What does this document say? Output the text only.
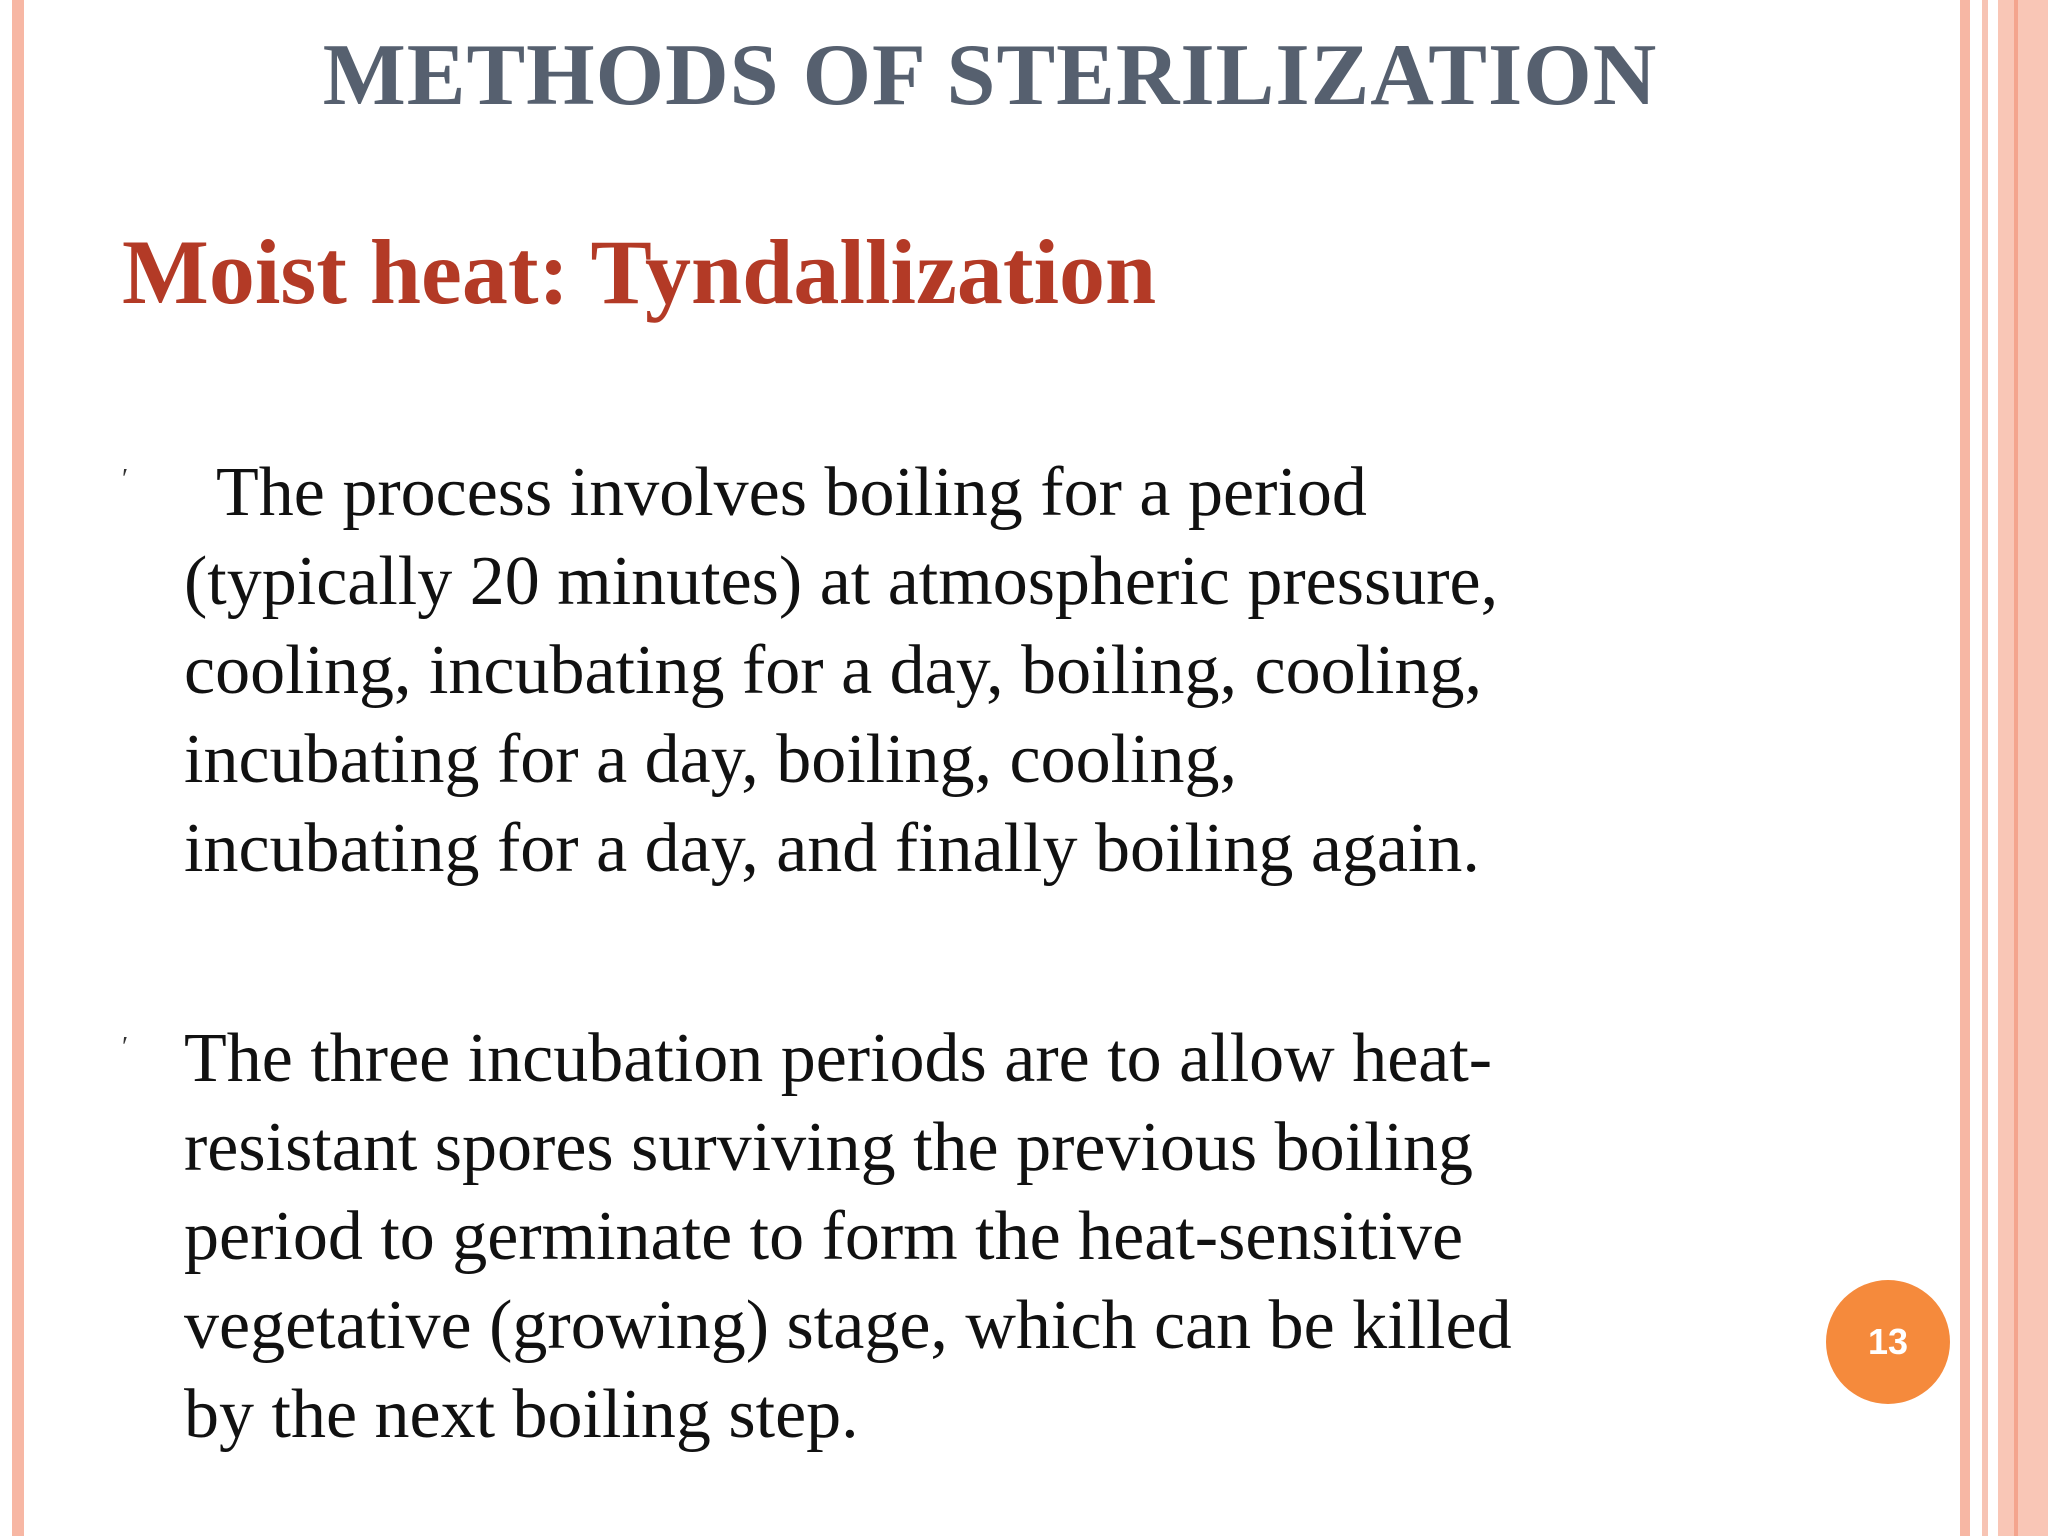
METHODS OF STERILIZATION
Moist heat: Tyndallization
′	The process involves boiling for a period
(typically 20 minutes) at atmospheric pressure,
cooling, incubating for a day, boiling, cooling,
incubating for a day, boiling, cooling,
incubating for a day, and finally boiling again.
′ The three incubation periods are to allow heat-
resistant spores surviving the previous boiling
period to germinate to form the heat-sensitive
vegetative (growing) stage, which can be killed
by the next boiling step.
13
